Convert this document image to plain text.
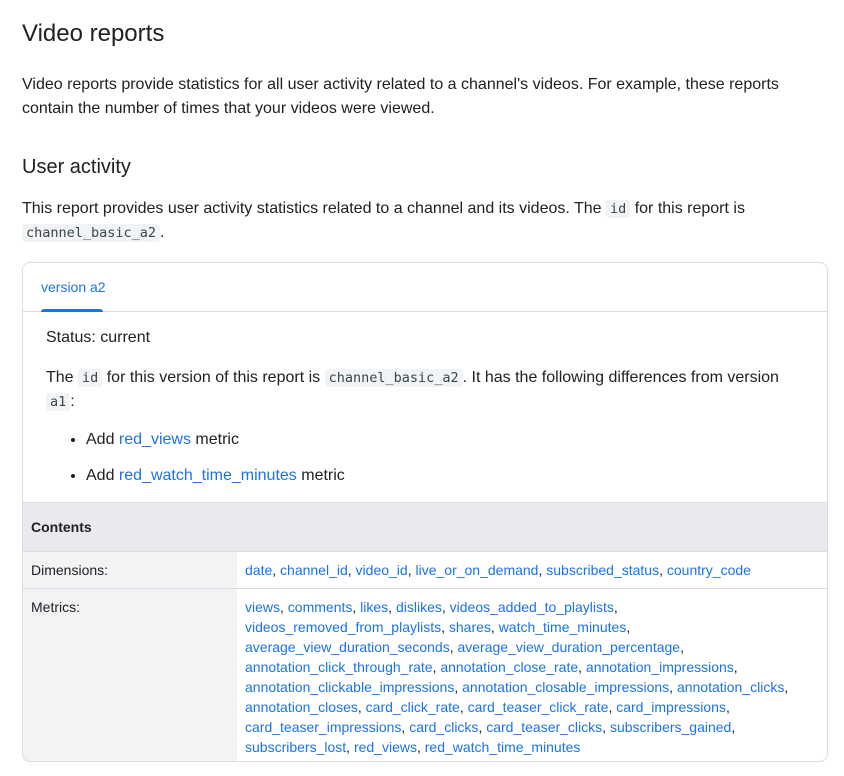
Video reports

Video reports provide statistics for all user activity related to a channel's videos. For example, these reports contain the number of times that your videos were viewed.

User activity

This report provides user activity statistics related to a channel and its videos. The id for this report is channel_basic_a2 .

version a2

Status: current

The id for this version of this report is channel_basic_a2 . It has the following differences from version a1 :

• Add red_views metric
• Add red_watch_time_minutes metric
Contents	
Dimensions:	date, channel_id, video_id, live_or_on_demand, subscribed_status, country_code
Metrics:	views, comments, likes, dislikes, videos_added_to_playlists, videos_removed_from_playlists, shares, watch_time_minutes, average_view_duration_seconds, average_view_duration_percentage, annotation_click_through_rate, annotation_close_rate, annotation_impressions, annotation_clickable_impressions, annotation_closable_impressions, annotation_clicks, annotation_closes, card_click_rate, card_teaser_click_rate, card_impressions, card_teaser_impressions, card_clicks, card_teaser_clicks, subscribers_gained, subscribers_lost, red_views, red_watch_time_minutes
